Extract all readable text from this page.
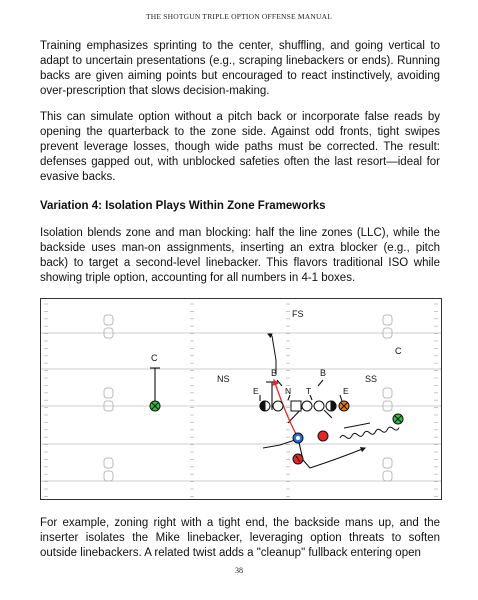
THE SHOTGUN TRIPLE OPTION OFFENSE MANUAL

Training emphasizes sprinting to the center, shuffling, and going vertical to adapt to uncertain presentations (e.g., scraping linebackers or ends). Running backs are given aiming points but encouraged to react instinctively, avoiding over-prescription that slows decision-making.

This can simulate option without a pitch back or incorporate false reads by opening the quarterback to the zone side. Against odd fronts, tight swipes prevent leverage losses, though wide paths must be corrected. The result: defenses gapped out, with unblocked safeties often the last resort—ideal for evasive backs.

Variation 4: Isolation Plays Within Zone Frameworks

Isolation blends zone and man blocking: half the line zones (LLC), while the backside uses man-on assignments, inserting an extra blocker (e.g., pitch back) to target a second-level linebacker. This flavors traditional ISO while showing triple option, accounting for all numbers in 4-1 boxes.

FS
C
C
NS	SS
B	B
E	N T	E

For example, zoning right with a tight end, the backside mans up, and the inserter isolates the Mike linebacker, leveraging option threats to soften outside linebackers. A related twist adds a "cleanup" fullback entering open

38
